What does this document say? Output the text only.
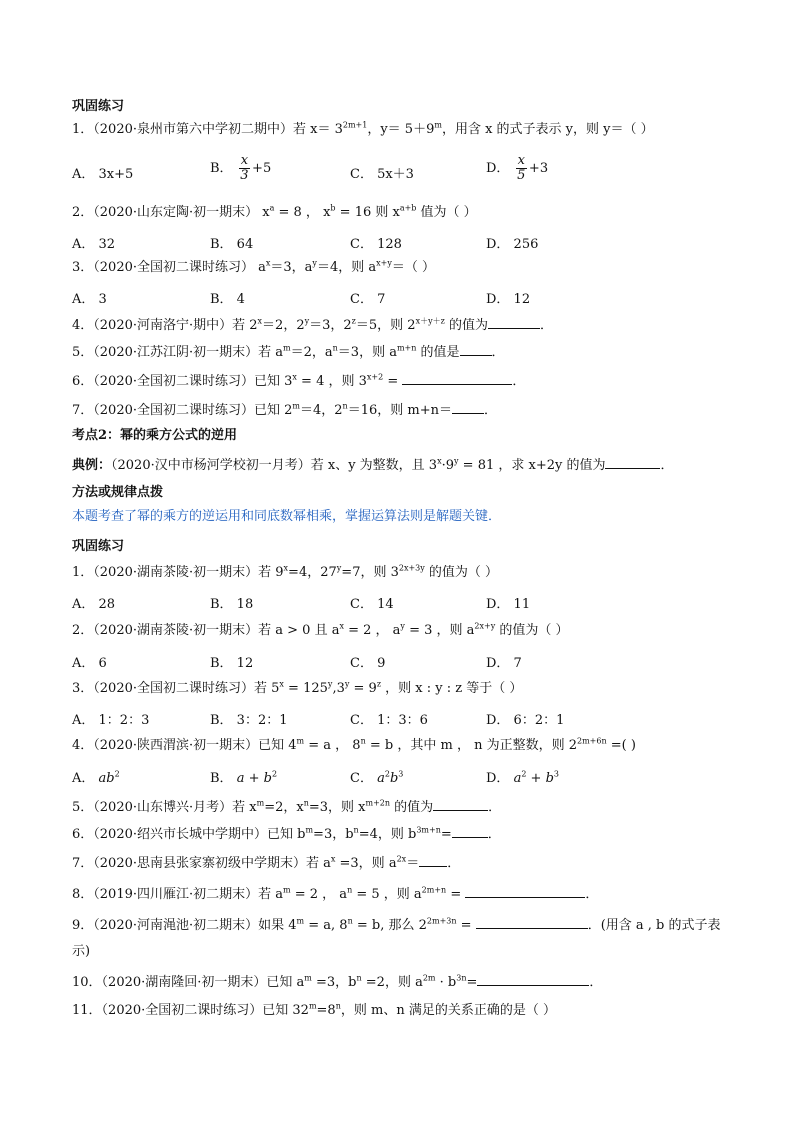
巩固练习
1．（2020·泉州市第六中学初二期中）若 $x= 3^{2m+1}$，$y= 5+9^m$，用含 x 的式子表示 y，则 y＝（ ）
A． 3x+5	B． $\frac{x}{3} +5$	C． 5x＋3	D． $\frac{x}{5} +3$
2．（2020·山东定陶·初一期末） $x^a = 8$ ， $x^b = 16$ 则 $x^{a+b}$ 值为（ ）
A． 32	B． 64	C． 128	D． 256
3．（2020·全国初二课时练习） $a^x=3$，$a^y=4$，则 $a^{x+y}=$（ ）
A． 3	B． 4	C． 7	D． 12
4．（2020·河南洛宁·期中）若 $2^x=2$，$2^y=3$，$2^z=5$，则 $2^{x+y+z}$ 的值为	．
5．（2020·江苏江阴·初一期末）若 $a^m=2$，$a^n=3$，则 $a^{m+n}$ 的值是 ．
6．（2020·全国初二课时练习）已知 $3^x = 4$ ，则 $3^{x+2}$ =	．
7．（2020·全国初二课时练习）已知 $2^m=4$，$2^n=16$，则 m+n＝ ．
考点2：幂的乘方公式的逆用
典例：（2020·汉中市杨河学校初一月考）若 x、y 为整数，且 $3^x\cdot 9^y = 81$ ，求 x+2y 的值为	．
方法或规律点拨
本题考查了幂的乘方的逆运用和同底数幂相乘，掌握运算法则是解题关键．
巩固练习
1．（2020·湖南茶陵·初一期末）若 $9^x=4$，$27^y=7$，则 $3^{2x+3y}$ 的值为（ ）
A． 28	B． 18	C． 14	D． 11
2．（2020·湖南茶陵·初一期末）若 a > 0 且 $a^x = 2$ ， $a^y = 3$ ，则 $a^{2x+y}$ 的值为（ ）
A． 6	B． 12	C． 9	D． 7
3．（2020·全国初二课时练习）若 $5^x = 125^y,3^y = 9^z$ ，则 x : y : z 等于（ ）
A． 1：2：3	B． 3：2：1	C． 1：3：6	D． 6：2：1
4．（2020·陕西渭滨·初一期末）已知 $4^m = a$ ， $8^n = b$ ，其中 m ， n 为正整数，则 $2^{2m+6n}$ =( )
A． $ab^2$	B． $a + b^2$	C． $a^2b^3$	D． $a^2 + b^3$
5．（2020·山东博兴·月考）若 $x^m=2$，$x^n=3$，则 $x^{m+2n}$ 的值为	．
6．（2020·绍兴市长城中学期中）已知 $b^m=3$，$b^n=4$，则 $b^{3m+n}=$	．
7．（2020·思南县张家寨初级中学期末）若 $a^x =3$，则 $a^{2x}=$ ．
8．（2019·四川雁江·初二期末）若 $a^m = 2$ ， $a^n = 5$ ，则 $a^{2m+n}$ =	．
9．（2020·河南渑池·初二期末）如果 $4^m = a$, $8^n = b$, 那么 $2^{2m+3n}$ =	．(用含 a , b 的式子表
示)
10．（2020·湖南隆回·初一期末）已知 $a^m =3$，$b^n =2$，则 $a^{2m} \cdot b^{3n}=$	．
11．（2020·全国初二课时练习）已知 $32^m=8^n$，则 m、n 满足的关系正确的是（ ）
